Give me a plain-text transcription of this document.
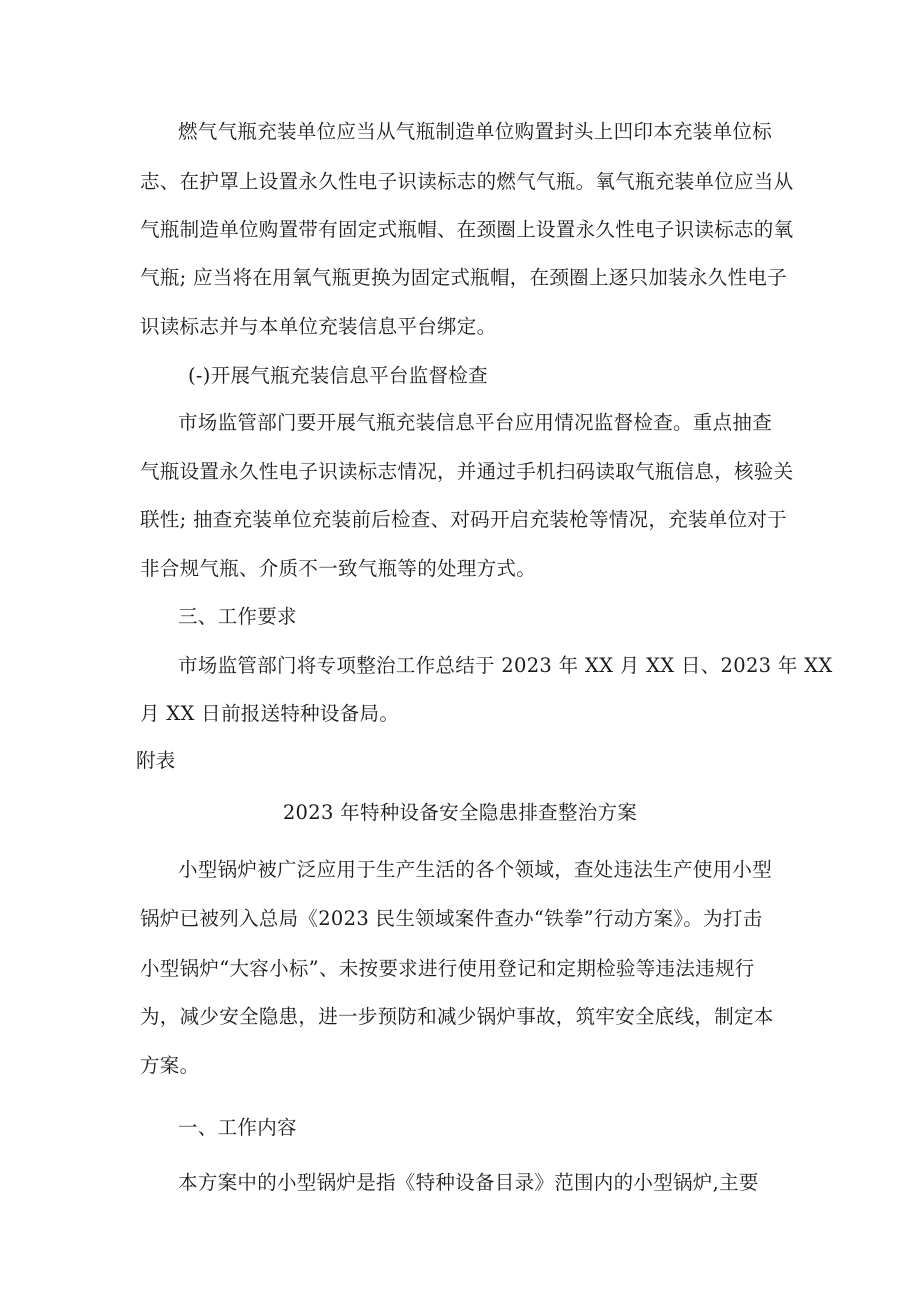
燃气气瓶充装单位应当从气瓶制造单位购置封头上凹印本充装单位标
志、在护罩上设置永久性电子识读标志的燃气气瓶。氧气瓶充装单位应当从
气瓶制造单位购置带有固定式瓶帽、在颈圈上设置永久性电子识读标志的氧
气瓶; 应当将在用氧气瓶更换为固定式瓶帽，在颈圈上逐只加装永久性电子
识读标志并与本单位充装信息平台绑定。
(-)开展气瓶充装信息平台监督检查
市场监管部门要开展气瓶充装信息平台应用情况监督检查。重点抽查
气瓶设置永久性电子识读标志情况，并通过手机扫码读取气瓶信息，核验关
联性; 抽查充装单位充装前后检查、对码开启充装枪等情况，充装单位对于
非合规气瓶、介质不一致气瓶等的处理方式。
三、工作要求
市场监管部门将专项整治工作总结于 2023 年 XX 月 XX 日、2023 年 XX
月 XX 日前报送特种设备局。
附表
2023 年特种设备安全隐患排查整治方案
小型锅炉被广泛应用于生产生活的各个领域，查处违法生产使用小型
锅炉已被列入总局《2023 民生领域案件查办“铁拳”行动方案》。为打击
小型锅炉“大容小标”、未按要求进行使用登记和定期检验等违法违规行
为，减少安全隐患，进一步预防和减少锅炉事故，筑牢安全底线，制定本
方案。
一、工作内容
本方案中的小型锅炉是指《特种设备目录》范围内的小型锅炉,主要
